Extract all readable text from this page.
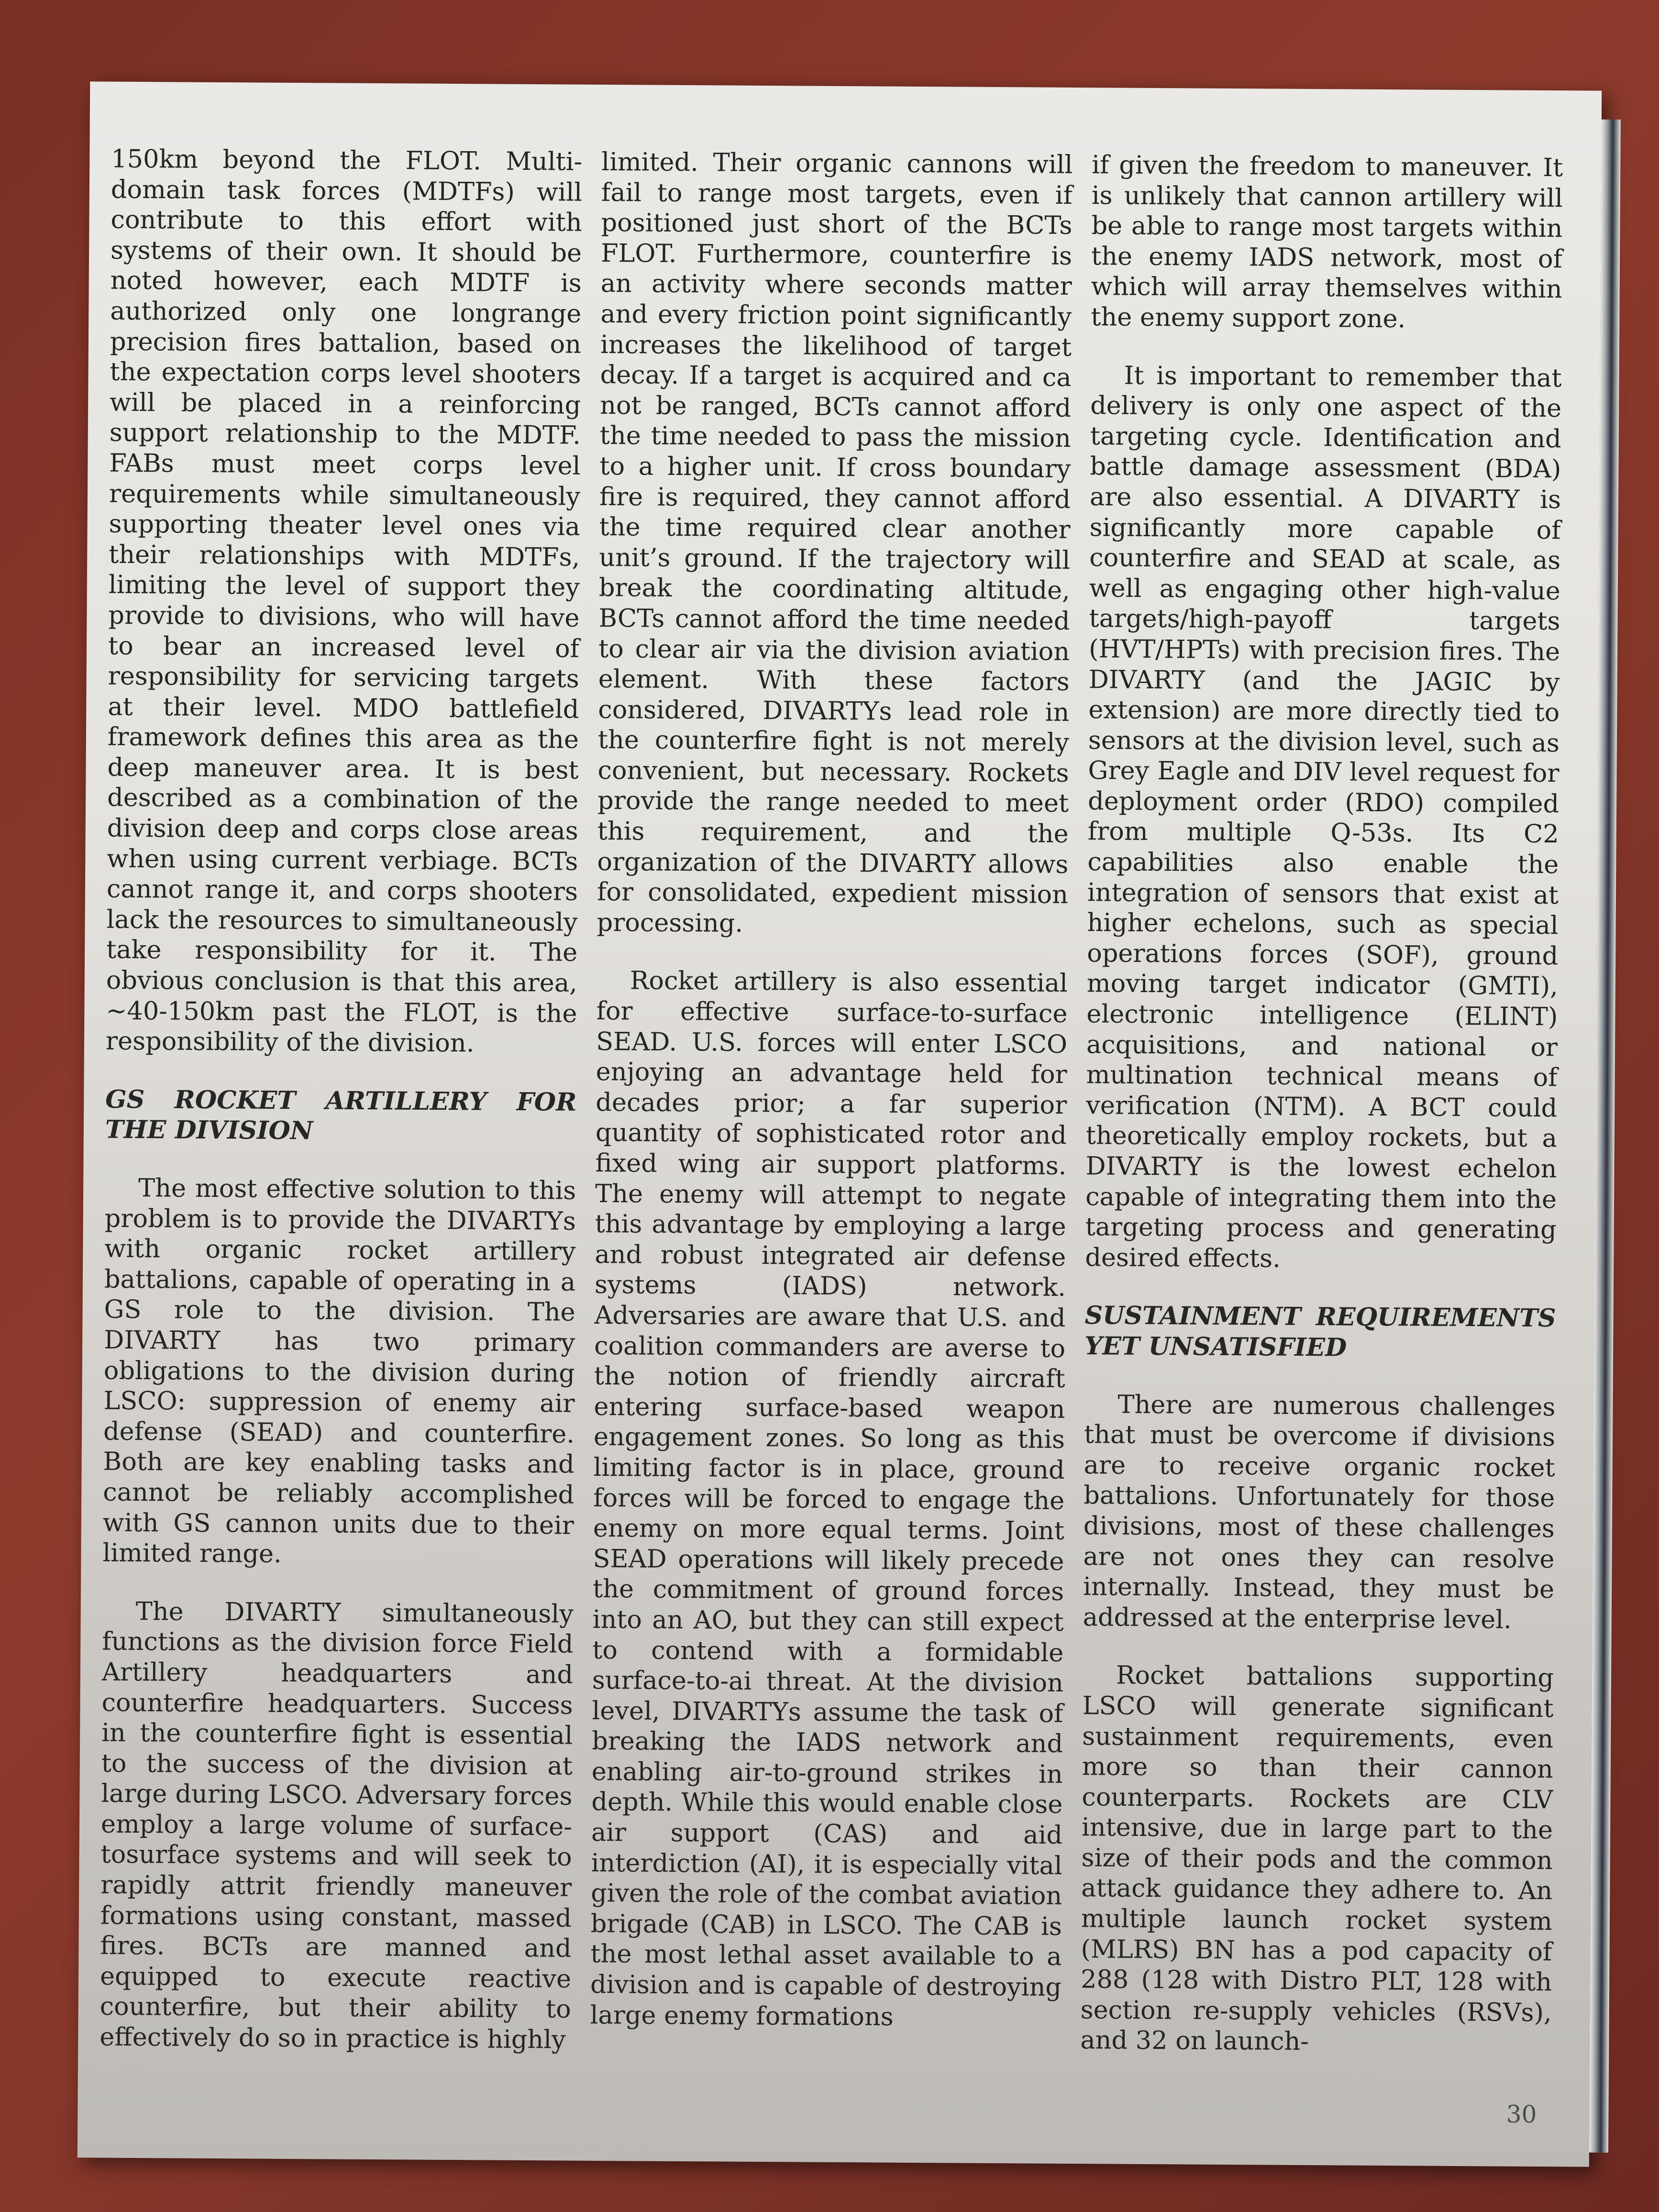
150km beyond the FLOT. Multi-domain task forces (MDTFs) will contribute to this effort with systems of their own. It should be noted however, each MDTF is authorized only one longrange precision fires battalion, based on the expectation corps level shooters will be placed in a reinforcing support relationship to the MDTF. FABs must meet corps level requirements while simultaneously supporting theater level ones via their relationships with MDTFs, limiting the level of support they provide to divisions, who will have to bear an increased level of responsibility for servicing targets at their level. MDO battlefield framework defines this area as the deep maneuver area. It is best described as a combination of the division deep and corps close areas when using current verbiage. BCTs cannot range it, and corps shooters lack the resources to simultaneously take responsibility for it. The obvious conclusion is that this area, ~40-150km past the FLOT, is the responsibility of the division.

GS ROCKET ARTILLERY FOR THE DIVISION

The most effective solution to this problem is to provide the DIVARTYs with organic rocket artillery battalions, capable of operating in a GS role to the division. The DIVARTY has two primary obligations to the division during LSCO: suppression of enemy air defense (SEAD) and counterfire. Both are key enabling tasks and cannot be reliably accomplished with GS cannon units due to their limited range.

The DIVARTY simultaneously functions as the division force Field Artillery headquarters and counterfire headquarters. Success in the counterfire fight is essential to the success of the division at large during LSCO. Adversary forces employ a large volume of surface-tosurface systems and will seek to rapidly attrit friendly maneuver formations using constant, massed fires. BCTs are manned and equipped to execute reactive counterfire, but their ability to effectively do so in practice is highly

limited. Their organic cannons will fail to range most targets, even if positioned just short of the BCTs FLOT. Furthermore, counterfire is an activity where seconds matter and every friction point significantly increases the likelihood of target decay. If a target is acquired and ca not be ranged, BCTs cannot afford the time needed to pass the mission to a higher unit. If cross boundary fire is required, they cannot afford the time required clear another unit’s ground. If the trajectory will break the coordinating altitude, BCTs cannot afford the time needed to clear air via the division aviation element. With these factors considered, DIVARTYs lead role in the counterfire fight is not merely convenient, but necessary. Rockets provide the range needed to meet this requirement, and the organization of the DIVARTY allows for consolidated, expedient mission processing.

Rocket artillery is also essential for effective surface-to-surface SEAD. U.S. forces will enter LSCO enjoying an advantage held for decades prior; a far superior quantity of sophisticated rotor and fixed wing air support platforms. The enemy will attempt to negate this advantage by employing a large and robust integrated air defense systems (IADS) network. Adversaries are aware that U.S. and coalition commanders are averse to the notion of friendly aircraft entering surface-based weapon engagement zones. So long as this limiting factor is in place, ground forces will be forced to engage the enemy on more equal terms. Joint SEAD operations will likely precede the commitment of ground forces into an AO, but they can still expect to contend with a formidable surface-to-ai threat. At the division level, DIVARTYs assume the task of breaking the IADS network and enabling air-to-ground strikes in depth. While this would enable close air support (CAS) and aid interdiction (AI), it is especially vital given the role of the combat aviation brigade (CAB) in LSCO. The CAB is the most lethal asset available to a division and is capable of destroying large enemy formations

if given the freedom to maneuver. It is unlikely that cannon artillery will be able to range most targets within the enemy IADS network, most of which will array themselves within the enemy support zone.

It is important to remember that delivery is only one aspect of the targeting cycle. Identification and battle damage assessment (BDA) are also essential. A DIVARTY is significantly more capable of counterfire and SEAD at scale, as well as engaging other high-value targets/high-payoff targets (HVT/HPTs) with precision fires. The DIVARTY (and the JAGIC by extension) are more directly tied to sensors at the division level, such as Grey Eagle and DIV level request for deployment order (RDO) compiled from multiple Q-53s. Its C2 capabilities also enable the integration of sensors that exist at higher echelons, such as special operations forces (SOF), ground moving target indicator (GMTI), electronic intelligence (ELINT) acquisitions, and national or multination technical means of verification (NTM). A BCT could theoretically employ rockets, but a DIVARTY is the lowest echelon capable of integrating them into the targeting process and generating desired effects.

SUSTAINMENT REQUIREMENTS YET UNSATISFIED

There are numerous challenges that must be overcome if divisions are to receive organic rocket battalions. Unfortunately for those divisions, most of these challenges are not ones they can resolve internally. Instead, they must be addressed at the enterprise level.

Rocket battalions supporting LSCO will generate significant sustainment requirements, even more so than their cannon counterparts. Rockets are CLV intensive, due in large part to the size of their pods and the common attack guidance they adhere to. An multiple launch rocket system (MLRS) BN has a pod capacity of 288 (128 with Distro PLT, 128 with section re-supply vehicles (RSVs), and 32 on launch-

30
